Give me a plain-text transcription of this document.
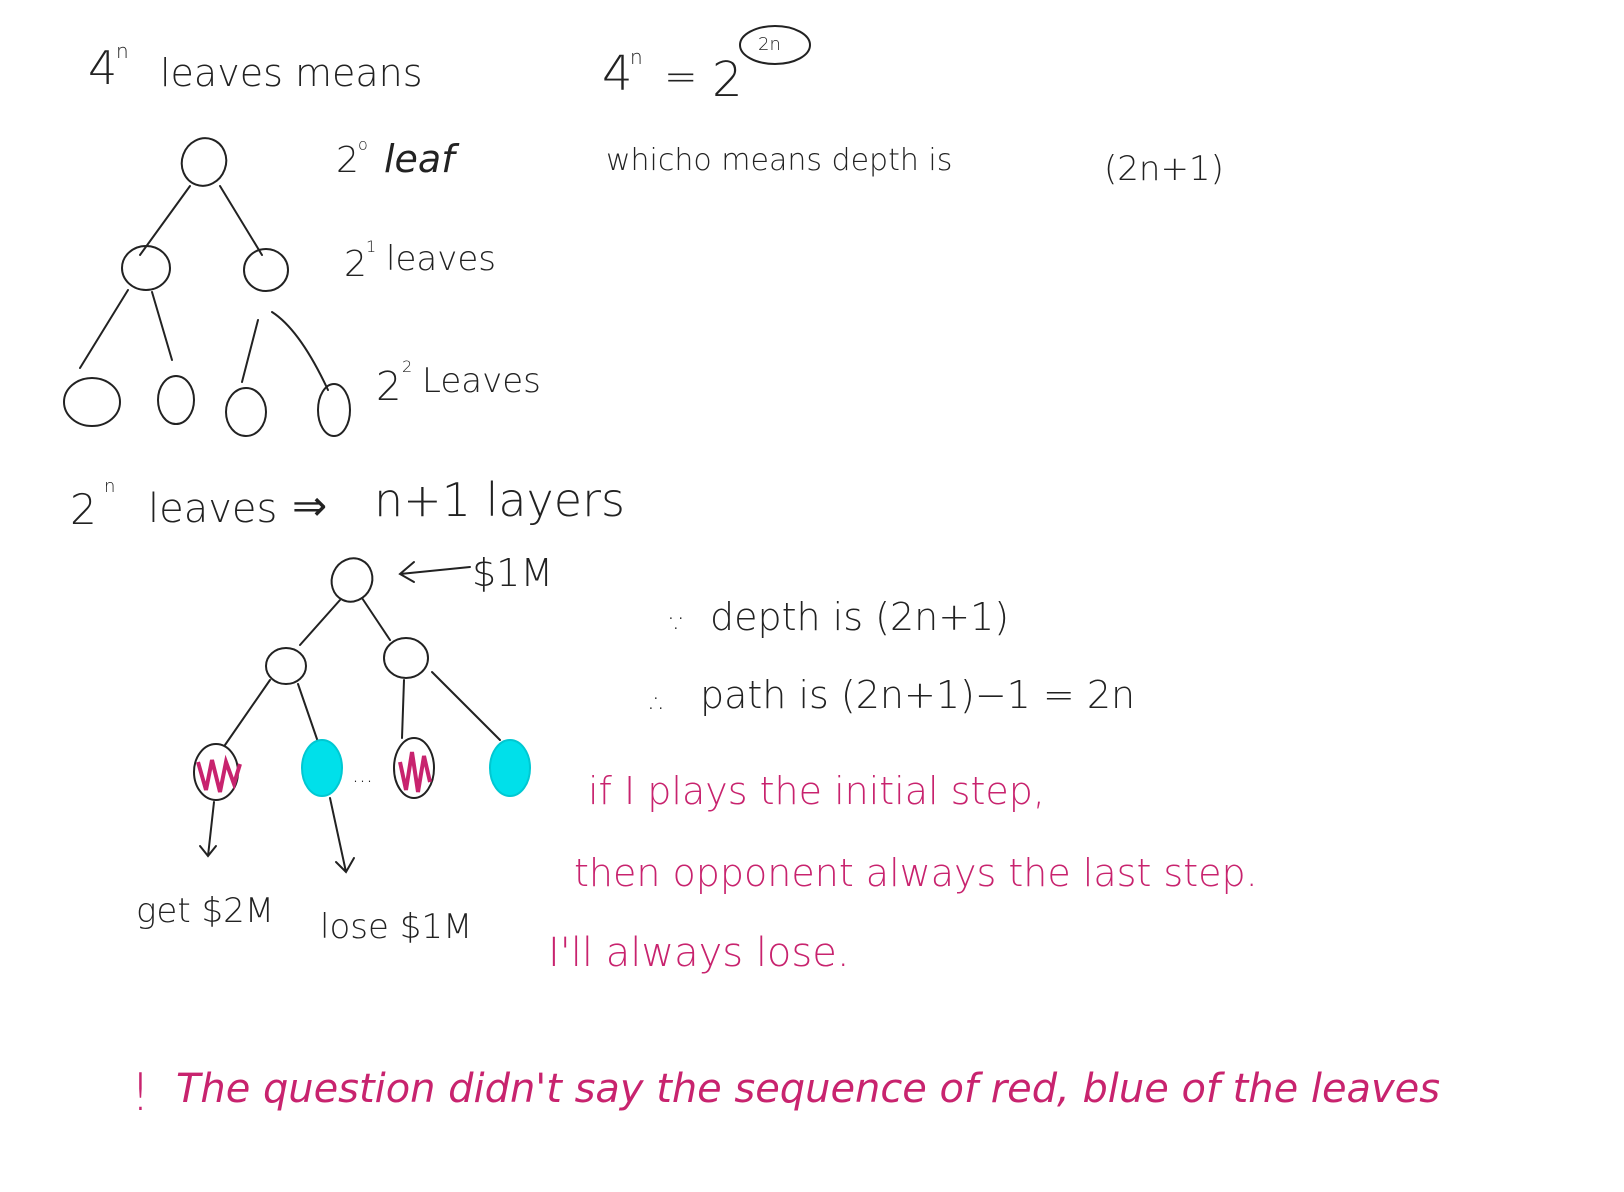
4
n leaves means	4
n = 2
2n
whicho means depth is	(2n+1)
2 o leaf
2 1 leaves
2 2 Leaves
2 n leaves ⇒ n+1 layers
...
$1M
get $2M lose $1M
∵ depth is (2n+1)
∴ path is (2n+1)−1 = 2n
if I plays the initial step,
then opponent always the last step.
I'll always lose.
! The question didn't say the sequence of red, blue of the leaves
